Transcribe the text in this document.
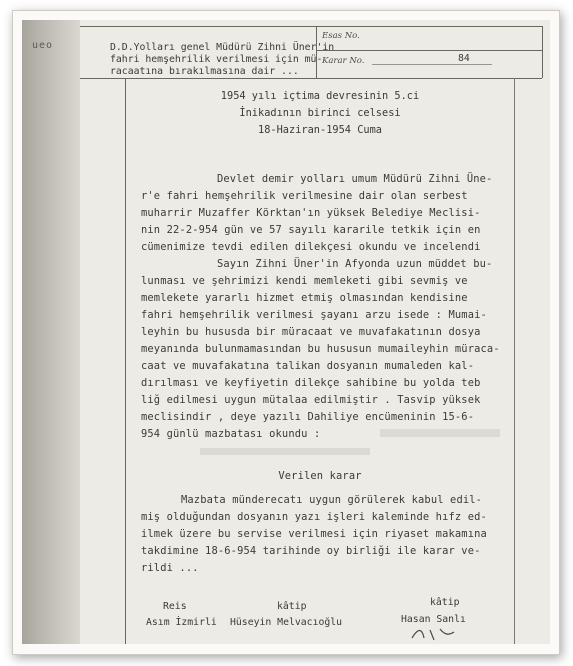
ueo	D.D.Yolları genel Müdürü Zihni Üner'in
fahri hemşehrilik verilmesi için mü-
racaatına bırakılmasına dair ...
Esas No.
Karar No.	84
1954 yılı içtima devresinin 5.ci
İnikadının birinci celsesi
18-Haziran-1954 Cuma
Devlet demir yolları umum Müdürü Zihni Üne-
r'e fahri hemşehrilik verilmesine dair olan serbest
muharrir Muzaffer Körktan'ın yüksek Belediye Meclisi-
nin 22-2-954 gün ve 57 sayılı kararile tetkik için en
cümenimize tevdi edilen dilekçesi okundu ve incelendi
Sayın Zihni Üner'in Afyonda uzun müddet bu-
lunması ve şehrimizi kendi memleketi gibi sevmiş ve
memlekete yararlı hizmet etmiş olmasından kendisine
fahri hemşehrilik verilmesi şayanı arzu isede : Mumai-
leyhin bu hususda bir müracaat ve muvafakatının dosya
meyanında bulunmamasından bu hususun mumaileyhin müraca-
caat ve muvafakatına talikan dosyanın mumaleden kal-
dırılması ve keyfiyetin dilekçe sahibine bu yolda teb
liğ edilmesi uygun mütalaa edilmiştir . Tasvip yüksek
meclisindir , deye yazılı Dahiliye encümeninin 15-6-
954 günlü mazbatası okundu :
Verilen karar
Mazbata münderecatı uygun görülerek kabul edil-
miş olduğundan dosyanın yazı işleri kaleminde hıfz ed-
ilmek üzere bu servise verilmesi için riyaset makamına
takdimine 18-6-954 tarihinde oy birliği ile karar ve-
rildi ...
Reis
Asım İzmirli
kâtip
Hüseyin Melvacıoğlu
kâtip
Hasan Sanlı
